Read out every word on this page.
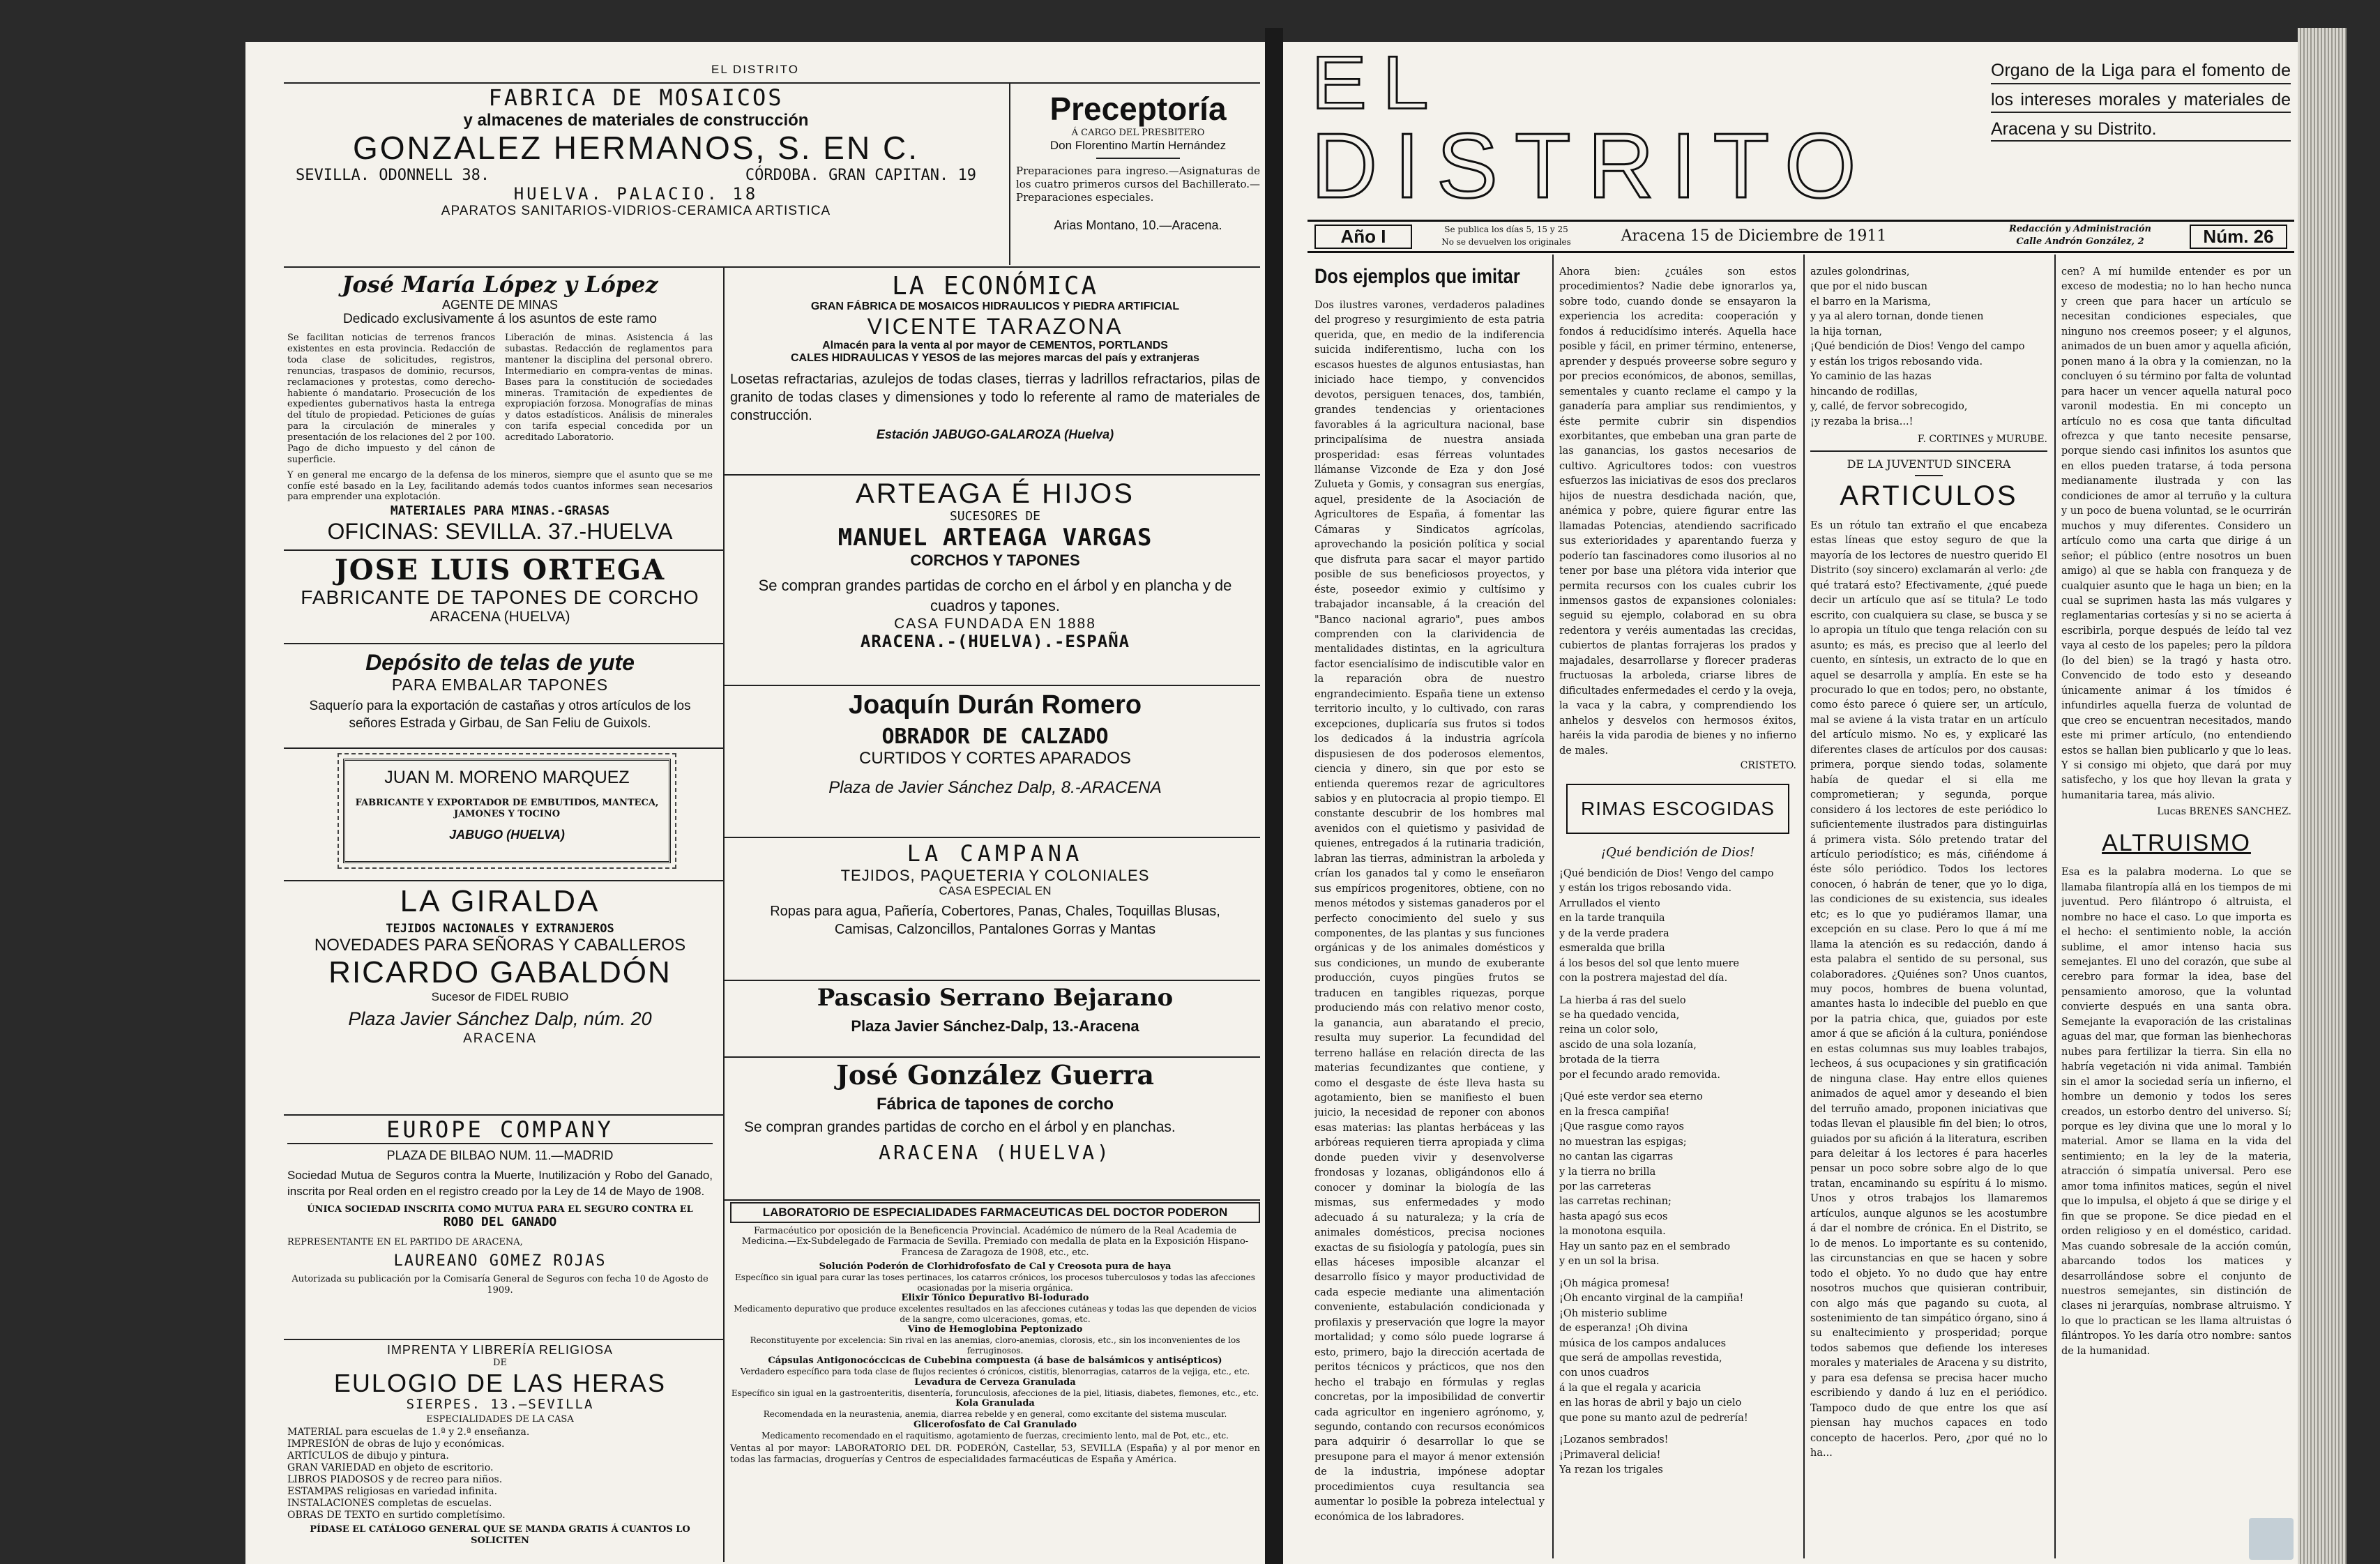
EL DISTRITO
FABRICA DE MOSAICOS
y almacenes de materiales de construcción
GONZALEZ HERMANOS, S. EN C.
SEVILLA. ODONNELL 38.	CÓRDOBA. GRAN CAPITAN. 19
HUELVA. PALACIO. 18
APARATOS SANITARIOS-VIDRIOS-CERAMICA ARTISTICA
Preceptoría
Á CARGO DEL PRESBITERO
Don Florentino Martín Hernández
Preparaciones para ingreso.—Asignaturas de los cuatro primeros cursos del Bachillerato.—Preparaciones especiales.
Arias Montano, 10.—Aracena.
José María López y López
AGENTE DE MINAS
Dedicado exclusivamente á los asuntos de este ramo
Se facilitan noticias de terrenos francos existentes en esta provincia. Redacción de toda clase de solicitudes, registros, renuncias, traspasos de dominio, recursos, reclamaciones y protestas, como derecho-habiente ó mandatario. Prosecución de los expedientes gubernativos hasta la entrega del título de propiedad. Peticiones de guías para la circulación de minerales y presentación de los relaciones del 2 por 100. Pago de dicho impuesto y del cánon de superficie.
Liberación de minas. Asistencia á las subastas. Redacción de reglamentos para mantener la disciplina del personal obrero. Intermediario en compra-ventas de minas. Bases para la constitución de sociedades mineras. Tramitación de expedientes de expropiación forzosa. Monografías de minas y datos estadísticos. Análisis de minerales con tarifa especial concedida por un acreditado Laboratorio.
Y en general me encargo de la defensa de los mineros, siempre que el asunto que se me confíe esté basado en la Ley, facilitando además todos cuantos informes sean necesarios para emprender una explotación.
MATERIALES PARA MINAS.-GRASAS
OFICINAS: SEVILLA. 37.-HUELVA
JOSE LUIS ORTEGA
FABRICANTE DE TAPONES DE CORCHO
ARACENA (HUELVA)
Depósito de telas de yute
PARA EMBALAR TAPONES
Saquerío para la exportación de castañas y otros artículos de los señores Estrada y Girbau, de San Feliu de Guixols.
JUAN M. MORENO MARQUEZ
FABRICANTE Y EXPORTADOR DE EMBUTIDOS, MANTECA, JAMONES Y TOCINO
JABUGO (HUELVA)
LA GIRALDA
TEJIDOS NACIONALES Y EXTRANJEROS
NOVEDADES PARA SEÑORAS Y CABALLEROS
RICARDO GABALDÓN
Sucesor de FIDEL RUBIO
Plaza Javier Sánchez Dalp, núm. 20
ARACENA
EUROPE COMPANY
PLAZA DE BILBAO NUM. 11.—MADRID
Sociedad Mutua de Seguros contra la Muerte, Inutilización y Robo del Ganado, inscrita por Real orden en el registro creado por la Ley de 14 de Mayo de 1908.
ÚNICA SOCIEDAD INSCRITA COMO MUTUA PARA EL SEGURO CONTRA EL
ROBO DEL GANADO
REPRESENTANTE EN EL PARTIDO DE ARACENA,
LAUREANO GOMEZ ROJAS
Autorizada su publicación por la Comisaría General de Seguros con fecha 10 de Agosto de 1909.
IMPRENTA Y LIBRERÍA RELIGIOSA
DE
EULOGIO DE LAS HERAS
SIERPES. 13.—SEVILLA
ESPECIALIDADES DE LA CASA
MATERIAL para escuelas de 1.ª y 2.ª enseñanza.
IMPRESIÓN de obras de lujo y económicas.
ARTÍCULOS de dibujo y pintura.
GRAN VARIEDAD en objeto de escritorio.
LIBROS PIADOSOS y de recreo para niños.
ESTAMPAS religiosas en variedad infinita.
INSTALACIONES completas de escuelas.
OBRAS DE TEXTO en surtido completísimo.
PÍDASE EL CATÁLOGO GENERAL QUE SE MANDA GRATIS Á CUANTOS LO SOLICITEN
LA ECONÓMICA
GRAN FÁBRICA DE MOSAICOS HIDRAULICOS Y PIEDRA ARTIFICIAL
VICENTE TARAZONA
Almacén para la venta al por mayor de CEMENTOS, PORTLANDS
CALES HIDRAULICAS Y YESOS de las mejores marcas del país y extranjeras
Losetas refractarias, azulejos de todas clases, tierras y ladrillos refractarios, pilas de granito de todas clases y dimensiones y todo lo referente al ramo de materiales de construcción.
Estación JABUGO-GALAROZA (Huelva)
ARTEAGA É HIJOS
SUCESORES DE
MANUEL ARTEAGA VARGAS
CORCHOS Y TAPONES
Se compran grandes partidas de corcho en el árbol y en plancha y de cuadros y tapones.
CASA FUNDADA EN 1888
ARACENA.-(HUELVA).-ESPAÑA
Joaquín Durán Romero
OBRADOR DE CALZADO
CURTIDOS Y CORTES APARADOS
Plaza de Javier Sánchez Dalp, 8.-ARACENA
LA CAMPANA
TEJIDOS, PAQUETERIA Y COLONIALES
CASA ESPECIAL EN
Ropas para agua, Pañería, Cobertores, Panas, Chales, Toquillas Blusas, Camisas, Calzoncillos, Pantalones Gorras y Mantas
Pascasio Serrano Bejarano
Plaza Javier Sánchez-Dalp, 13.-Aracena
José González Guerra
Fábrica de tapones de corcho
Se compran grandes partidas de corcho en el árbol y en planchas.
ARACENA (HUELVA)
LABORATORIO DE ESPECIALIDADES FARMACEUTICAS DEL DOCTOR PODERON
Farmacéutico por oposición de la Beneficencia Provincial. Académico de número de la Real Academia de Medicina.—Ex-Subdelegado de Farmacia de Sevilla. Premiado con medalla de plata en la Exposición Hispano-Francesa de Zaragoza de 1908, etc., etc.
Solución Poderón de Clorhidrofosfato de Cal y Creosota pura de haya
Específico sin igual para curar las toses pertinaces, los catarros crónicos, los procesos tuberculosos y todas las afecciones ocasionadas por la miseria orgánica.
Elixir Tónico Depurativo Bi-Iodurado
Medicamento depurativo que produce excelentes resultados en las afecciones cutáneas y todas las que dependen de vicios de la sangre, como ulceraciones, gomas, etc.
Vino de Hemoglobina Peptonizado
Reconstituyente por excelencia: Sin rival en las anemias, cloro-anemias, clorosis, etc., sin los inconvenientes de los ferruginosos.
Cápsulas Antigonocóccicas de Cubebina compuesta (á base de balsámicos y antisépticos)
Verdadero específico para toda clase de flujos recientes ó crónicos, cistitis, blenorragias, catarros de la vejiga, etc., etc.
Levadura de Cerveza Granulada
Específico sin igual en la gastroenteritis, disentería, forunculosis, afecciones de la piel, litiasis, diabetes, flemones, etc., etc.
Kola Granulada
Recomendada en la neurastenia, anemia, diarrea rebelde y en general, como excitante del sistema muscular.
Glicerofosfato de Cal Granulado
Medicamento recomendado en el raquitismo, agotamiento de fuerzas, crecimiento lento, mal de Pot, etc., etc.
Ventas al por mayor: LABORATORIO DEL DR. PODERÓN, Castellar, 53, SEVILLA (España) y al por menor en todas las farmacias, droguerías y Centros de especialidades farmacéuticas de España y América.
EL
DISTRITO
Organo de la Liga para el fomento de los intereses morales y materiales de Aracena y su Distrito.
Año I	Se publica los días 5, 15 y 25
No se devuelven los originales	Aracena 15 de Diciembre de 1911	Redacción y Administración
Calle Andrón González, 2	Núm. 26
Dos ejemplos que imitar
Dos ilustres varones, verdaderos paladines del progreso y resurgimiento de esta patria querida, que, en medio de la indiferencia suicida indiferentismo, lucha con los escasos huestes de algunos entusiastas, han iniciado hace tiempo, y convencidos devotos, persiguen tenaces, dos, también, grandes tendencias y orientaciones favorables á la agricultura nacional, base principalísima de nuestra ansiada prosperidad: esas férreas voluntades llámanse Vizconde de Eza y don José Zulueta y Gomis, y consagran sus energías, aquel, presidente de la Asociación de Agricultores de España, á fomentar las Cámaras y Sindicatos agrícolas, aprovechando la posición política y social que disfruta para sacar el mayor partido posible de sus beneficiosos proyectos, y éste, poseedor eximio y cultísimo y trabajador incansable, á la creación del "Banco nacional agrario", pues ambos comprenden con la clarividencia de mentalidades distintas, en la agricultura factor esencialísimo de indiscutible valor en la reparación obra de nuestro engrandecimiento. España tiene un extenso territorio inculto, y lo cultivado, con raras excepciones, duplicaría sus frutos si todos los dedicados á la industria agrícola dispusiesen de dos poderosos elementos, ciencia y dinero, sin que por esto se entienda queremos rezar de agricultores sabios y en plutocracia al propio tiempo. El constante descubrir de los hombres mal avenidos con el quietismo y pasividad de quienes, entregados á la rutinaria tradición, labran las tierras, administran la arboleda y crían los ganados tal y como le enseñaron sus empíricos progenitores, obtiene, con no menos métodos y sistemas ganaderos por el perfecto conocimiento del suelo y sus componentes, de las plantas y sus funciones orgánicas y de los animales domésticos y sus condiciones, un mundo de exuberante producción, cuyos pingües frutos se traducen en tangibles riquezas, porque produciendo más con relativo menor costo, la ganancia, aun abaratando el precio, resulta muy superior. La fecundidad del terreno halláse en relación directa de las materias fecundizantes que contiene, y como el desgaste de éste lleva hasta su agotamiento, bien se manifiesto el buen juicio, la necesidad de reponer con abonos esas materias: las plantas herbáceas y las arbóreas requieren tierra apropiada y clima donde pueden vivir y desenvolverse frondosas y lozanas, obligándonos ello á conocer y dominar la biología de las mismas, sus enfermedades y modo adecuado á su naturaleza; y la cría de animales domésticos, precisa nociones exactas de su fisiología y patología, pues sin ellas háceses imposible alcanzar el desarrollo físico y mayor productividad de cada especie mediante una alimentación conveniente, estabulación condicionada y profilaxis y preservación que logre la mayor mortalidad; y como sólo puede lograrse á esto, primero, bajo la dirección acertada de peritos técnicos y prácticos, que nos den hecho el trabajo en fórmulas y reglas concretas, por la imposibilidad de convertir cada agricultor en ingeniero agrónomo, y, segundo, contando con recursos económicos para adquirir ó desarrollar lo que se presupone para el mayor á menor extensión de la industria, impónese adoptar procedimientos cuya resultancia sea aumentar lo posible la pobreza intelectual y económica de los labradores.
Ahora bien: ¿cuáles son estos procedimientos? Nadie debe ignorarlos ya, sobre todo, cuando donde se ensayaron la experiencia los acredita: cooperación y fondos á reducidísimo interés. Aquella hace posible y fácil, en primer término, entenerse, aprender y después proveerse sobre seguro y por precios económicos, de abonos, semillas, sementales y cuanto reclame el campo y la ganadería para ampliar sus rendimientos, y éste permite cubrir sin dispendios exorbitantes, que embeban una gran parte de las ganancias, los gastos necesarios de cultivo. Agricultores todos: con vuestros esfuerzos las iniciativas de esos dos preclaros hijos de nuestra desdichada nación, que, anémica y pobre, quiere figurar entre las llamadas Potencias, atendiendo sacrificado sus exterioridades y aparentando fuerza y poderío tan fascinadores como ilusorios al no tener por base una plétora vida interior que permita recursos con los cuales cubrir los inmensos gastos de expansiones coloniales: seguid su ejemplo, colaborad en su obra redentora y veréis aumentadas las crecidas, cubiertos de plantas forrajeras los prados y majadales, desarrollarse y florecer praderas fructuosas la arboleda, criarse libres de dificultades enfermedades el cerdo y la oveja, la vaca y la cabra, y comprendiendo los anhelos y desvelos con hermosos éxitos, haréis la vida parodia de bienes y no infierno de males.
CRISTETO.
RIMAS ESCOGIDAS
¡Qué bendición de Dios!
¡Qué bendición de Dios! Vengo del campo
y están los trigos rebosando vida.
Arrullados el viento
en la tarde tranquila
y de la verde pradera
esmeralda que brilla
á los besos del sol que lento muere
con la postrera majestad del día.
La hierba á ras del suelo
se ha quedado vencida,
reina un color solo,
ascido de una sola lozanía,
brotada de la tierra
por el fecundo arado removida.
¡Qué este verdor sea eterno
en la fresca campiña!
¡Que rasgue como rayos
no muestran las espigas;
no cantan las cigarras
y la tierra no brilla
por las carreteras
las carretas rechinan;
hasta apagó sus ecos
la monotona esquila.
Hay un santo paz en el sembrado
y en un sol la brisa.
¡Oh mágica promesa!
¡Oh encanto virginal de la campiña!
¡Oh misterio sublime
de esperanza! ¡Oh divina
música de los campos andaluces
que será de ampollas revestida,
con unos cuadros
á la que el regala y acaricia
en las horas de abril y bajo un cielo
que pone su manto azul de pedrería!
¡Lozanos sembrados!
¡Primaveral delicia!
Ya rezan los trigales
azules golondrinas,
que por el nido buscan
el barro en la Marisma,
y ya al alero tornan, donde tienen
la hija tornan,
¡Qué bendición de Dios! Vengo del campo
y están los trigos rebosando vida.
Yo caminio de las hazas
hincando de rodillas,
y, callé, de fervor sobrecogido,
¡y rezaba la brisa...!
F. CORTINES y MURUBE.
DE LA JUVENTUD SINCERA
ARTICULOS
Es un rótulo tan extraño el que encabeza estas líneas que estoy seguro de que la mayoría de los lectores de nuestro querido El Distrito (soy sincero) exclamarán al verlo: ¿de qué tratará esto? Efectivamente, ¿qué puede decir un artículo que así se titula? Le todo escrito, con cualquiera su clase, se busca y se lo apropia un título que tenga relación con su asunto; es más, es preciso que al leerlo del cuento, en síntesis, un extracto de lo que en aquel se desarrolla y amplía. En este se ha procurado lo que en todos; pero, no obstante, como ésto parece ó quiere ser, un artículo, mal se aviene á la vista tratar en un artículo del artículo mismo. No es, y explicaré las diferentes clases de artículos por dos causas: primera, porque siendo todas, solamente había de quedar el si ella me comprometieran; y segunda, porque considero á los lectores de este periódico lo suficientemente ilustrados para distinguirlas á primera vista. Sólo pretendo tratar del artículo periodístico; es más, ciñéndome á éste sólo periódico. Todos los lectores conocen, ó habrán de tener, que yo lo diga, las condiciones de su existencia, sus ideales etc; es lo que yo pudiéramos llamar, una excepción en su clase. Pero lo que á mí me llama la atención es su redacción, dando á esta palabra el sentido de su personal, sus colaboradores. ¿Quiénes son? Unos cuantos, muy pocos, hombres de buena voluntad, amantes hasta lo indecible del pueblo en que por la patria chica, que, guiados por este amor á que se afición á la cultura, poniéndose en estas columnas sus muy loables trabajos, lecheos, á sus ocupaciones y sin gratificación de ninguna clase. Hay entre ellos quienes animados de aquel amor y deseando el bien del terruño amado, proponen iniciativas que todas llevan el plausible fin del bien; lo otros, guiados por su afición á la literatura, escriben para deleitar á los lectores é para hacerles pensar un poco sobre sobre algo de lo que tratan, encaminando su espíritu á lo mismo. Unos y otros trabajos los llamaremos artículos, aunque algunos se les acostumbre á dar el nombre de crónica. En el Distrito, se lo de menos. Lo importante es su contenido, las circunstancias en que se hacen y sobre todo el objeto. Yo no dudo que hay entre nosotros muchos que quisieran contribuir, con algo más que pagando su cuota, al sostenimiento de tan simpático órgano, sino á su enaltecimiento y prosperidad; porque todos sabemos que defiende los intereses morales y materiales de Aracena y su distrito, y para esa defensa se precisa hacer mucho escribiendo y dando á luz en el periódico. Tampoco dudo de que entre los que así piensan hay muchos capaces en todo concepto de hacerlos. Pero, ¿por qué no lo ha...
cen? A mí humilde entender es por un exceso de modestia; no lo han hecho nunca y creen que para hacer un artículo se necesitan condiciones especiales, que ninguno nos creemos poseer; y el algunos, animados de un buen amor y aquella afición, ponen mano á la obra y la comienzan, no la concluyen ó su término por falta de voluntad para hacer un vencer aquella natural poco varonil modestia. En mi concepto un artículo no es cosa que tanta dificultad ofrezca y que tanto necesite pensarse, porque siendo casi infinitos los asuntos que en ellos pueden tratarse, á toda persona medianamente ilustrada y con las condiciones de amor al terruño y la cultura y un poco de buena voluntad, se le ocurrirán muchos y muy diferentes. Considero un artículo como una carta que dirige á un señor; el público (entre nosotros un buen amigo) al que se habla con franqueza y de cualquier asunto que le haga un bien; en la cual se suprimen hasta las más vulgares y reglamentarias cortesías y si no se acierta á escribirla, porque después de leído tal vez vaya al cesto de los papeles; pero la píldora (lo del bien) se la tragó y hasta otro. Convencido de todo esto y deseando únicamente animar á los tímidos é infundirles aquella fuerza de voluntad de que creo se encuentran necesitados, mando este mi primer artículo, (no entendiendo estos se hallan bien publicarlo y que lo leas. Y si consigo mi objeto, que dará por muy satisfecho, y los que hoy llevan la grata y humanitaria tarea, más alivio.
Lucas BRENES SANCHEZ.
ALTRUISMO
Esa es la palabra moderna. Lo que se llamaba filantropía allá en los tiempos de mi juventud. Pero filántropo ó altruista, el nombre no hace el caso. Lo que importa es el hecho: el sentimiento noble, la acción sublime, el amor intenso hacia sus semejantes. El uno del corazón, que sube al cerebro para formar la idea, base del pensamiento amoroso, que la voluntad convierte después en una santa obra. Semejante la evaporación de las cristalinas aguas del mar, que forman las bienhechoras nubes para fertilizar la tierra. Sin ella no habría vegetación ni vida animal. También sin el amor la sociedad sería un infierno, el hombre un demonio y todos los seres creados, un estorbo dentro del universo. Sí; porque es ley divina que une lo moral y lo material. Amor se llama en la vida del sentimiento; en la ley de la materia, atracción ó simpatía universal. Pero ese amor toma infinitos matices, según el nivel que lo impulsa, el objeto á que se dirige y el fin que se propone. Se dice piedad en el orden religioso y en el doméstico, caridad. Mas cuando sobresale de la acción común, abarcando todos los matices y desarrollándose sobre el conjunto de nuestros semejantes, sin distinción de clases ni jerarquías, nombrase altruismo. Y lo que lo practican se les llama altruistas ó filántropos. Yo les daría otro nombre: santos de la humanidad.
